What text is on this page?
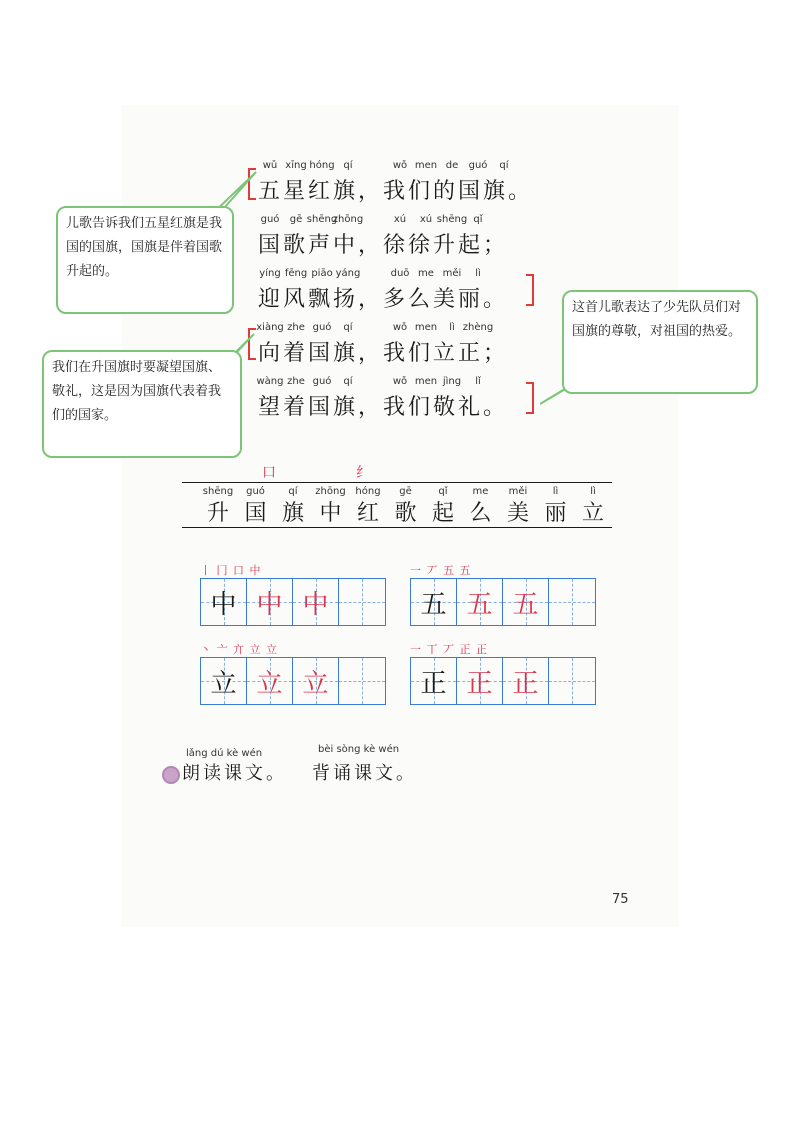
wǔ xīng hóng qí	wǒ men de guó qí
五星红旗，我们的国旗。
guó gē shēng
zhōng	xú xú shēng qǐ
国歌声中，徐徐升起；
yíng fēng piāo yáng	duō me měi lì
迎风飘扬，多么美丽。
xiàng zhe guó qí	wǒ men lì zhèng
向着国旗，我们立正；
wàng zhe guó qí	wǒ men jìng lǐ
望着国旗，我们敬礼。
儿歌告诉我们五星红旗是我国的国旗，国旗是伴着国歌升起的。
我们在升国旗时要凝望国旗、敬礼，这是因为国旗代表着我们的国家。
这首儿歌表达了少先队员们对国旗的尊敬，对祖国的热爱。
口	纟
shēng
升
guó
国
qí
旗
zhōng
中
hóng
红
gē
歌
qǐ
起
me
么
měi
美
lì
丽
lì
立
丨 冂 口 中
中 中 中
一 丆 五 五
五 五 五
丶 亠 亣 立 立
立 立 立
一 丅 丆 正 正
正 正 正
lǎng dú kè wén
朗读课文。
bèi sòng kè wén
背诵课文。
75
